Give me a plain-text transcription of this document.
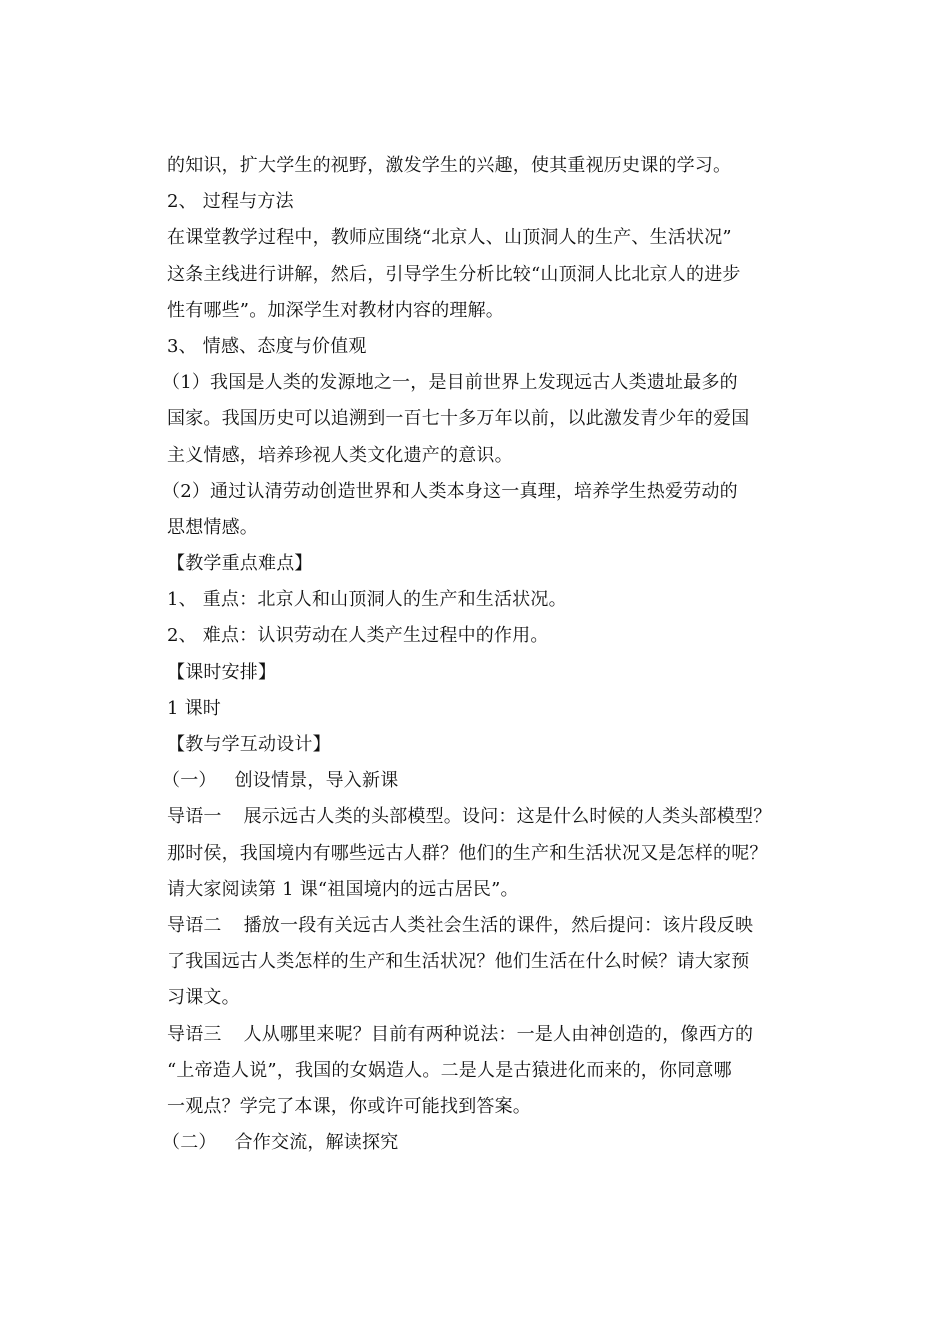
的知识，扩大学生的视野，激发学生的兴趣，使其重视历史课的学习。
2、 过程与方法
在课堂教学过程中，教师应围绕“北京人、山顶洞人的生产、生活状况”
这条主线进行讲解，然后，引导学生分析比较“山顶洞人比北京人的进步
性有哪些”。加深学生对教材内容的理解。
3、 情感、态度与价值观
（1）我国是人类的发源地之一，是目前世界上发现远古人类遗址最多的
国家。我国历史可以追溯到一百七十多万年以前，以此激发青少年的爱国
主义情感，培养珍视人类文化遗产的意识。
（2）通过认清劳动创造世界和人类本身这一真理，培养学生热爱劳动的
思想情感。
【教学重点难点】
1、 重点：北京人和山顶洞人的生产和生活状况。
2、 难点：认识劳动在人类产生过程中的作用。
【课时安排】
1 课时
【教与学互动设计】
（一） 创设情景，导入新课
导语一 展示远古人类的头部模型。设问：这是什么时候的人类头部模型？
那时侯，我国境内有哪些远古人群？他们的生产和生活状况又是怎样的呢？
请大家阅读第 1 课“祖国境内的远古居民”。
导语二 播放一段有关远古人类社会生活的课件，然后提问：该片段反映
了我国远古人类怎样的生产和生活状况？他们生活在什么时候？请大家预
习课文。
导语三 人从哪里来呢？目前有两种说法：一是人由神创造的，像西方的
“上帝造人说”，我国的女娲造人。二是人是古猿进化而来的，你同意哪
一观点？学完了本课，你或许可能找到答案。
（二） 合作交流，解读探究
